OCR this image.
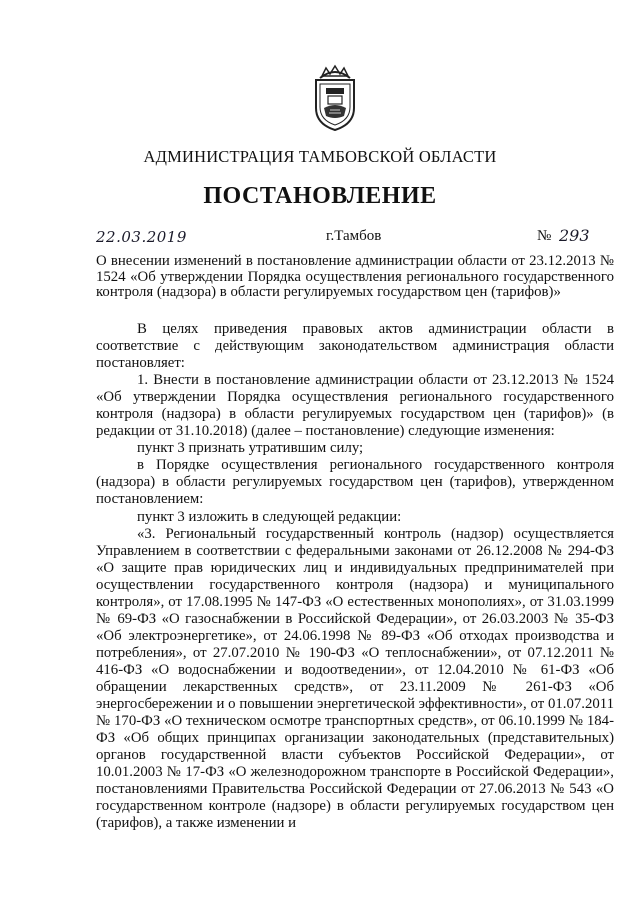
АДМИНИСТРАЦИЯ ТАМБОВСКОЙ ОБЛАСТИ
ПОСТАНОВЛЕНИЕ
22.03.2019	г.Тамбов	№ 293
О внесении изменений в постановление администрации области от 23.12.2013 № 1524 «Об утверждении Порядка осуществления регионального государственного контроля (надзора) в области регулируемых государством цен (тарифов)»

В целях приведения правовых актов администрации области в соответствие с действующим законодательством администрация области постановляет:

1. Внести в постановление администрации области от 23.12.2013 № 1524 «Об утверждении Порядка осуществления регионального государственного контроля (надзора) в области регулируемых государством цен (тарифов)» (в редакции от 31.10.2018) (далее – постановление) следующие изменения:

пункт 3 признать утратившим силу;

в Порядке осуществления регионального государственного контроля (надзора) в области регулируемых государством цен (тарифов), утвержденном постановлением:

пункт 3 изложить в следующей редакции:

«3. Региональный государственный контроль (надзор) осуществляется Управлением в соответствии с федеральными законами от 26.12.2008 № 294-ФЗ «О защите прав юридических лиц и индивидуальных предпринимателей при осуществлении государственного контроля (надзора) и муниципального контроля», от 17.08.1995 № 147-ФЗ «О естественных монополиях», от 31.03.1999 № 69-ФЗ «О газоснабжении в Российской Федерации», от 26.03.2003 № 35-ФЗ «Об электроэнергетике», от 24.06.1998 № 89-ФЗ «Об отходах производства и потребления», от 27.07.2010 № 190-ФЗ «О теплоснабжении», от 07.12.2011 № 416-ФЗ «О водоснабжении и водоотведении», от 12.04.2010 № 61-ФЗ «Об обращении лекарственных средств», от 23.11.2009 № 261-ФЗ «Об энергосбережении и о повышении энергетической эффективности», от 01.07.2011 № 170-ФЗ «О техническом осмотре транспортных средств», от 06.10.1999 № 184-ФЗ «Об общих принципах организации законодательных (представительных) органов государственной власти субъектов Российской Федерации», от 10.01.2003 № 17-ФЗ «О железнодорожном транспорте в Российской Федерации», постановлениями Правительства Российской Федерации от 27.06.2013 № 543 «О государственном контроле (надзоре) в области регулируемых государством цен (тарифов), а также изменении и
